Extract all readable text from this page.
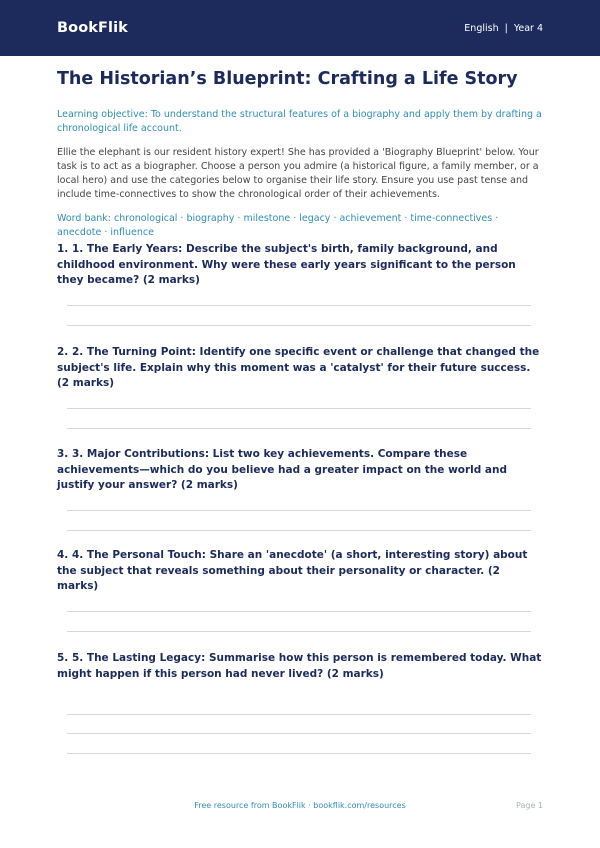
BookFlik	English | Year 4
The Historian’s Blueprint: Crafting a Life Story
Learning objective: To understand the structural features of a biography and apply them by drafting a chronological life account.
Ellie the elephant is our resident history expert! She has provided a 'Biography Blueprint' below. Your task is to act as a biographer. Choose a person you admire (a historical figure, a family member, or a local hero) and use the categories below to organise their life story. Ensure you use past tense and include time-connectives to show the chronological order of their achievements.
Word bank: chronological · biography · milestone · legacy · achievement · time-connectives · anecdote · influence
1. 1. The Early Years: Describe the subject's birth, family background, and childhood environment. Why were these early years significant to the person they became? (2 marks)
2. 2. The Turning Point: Identify one specific event or challenge that changed the subject's life. Explain why this moment was a 'catalyst' for their future success. (2 marks)
3. 3. Major Contributions: List two key achievements. Compare these achievements—which do you believe had a greater impact on the world and justify your answer? (2 marks)
4. 4. The Personal Touch: Share an 'anecdote' (a short, interesting story) about the subject that reveals something about their personality or character. (2 marks)
5. 5. The Lasting Legacy: Summarise how this person is remembered today. What might happen if this person had never lived? (2 marks)
Free resource from BookFlik · bookflik.com/resources	Page 1
